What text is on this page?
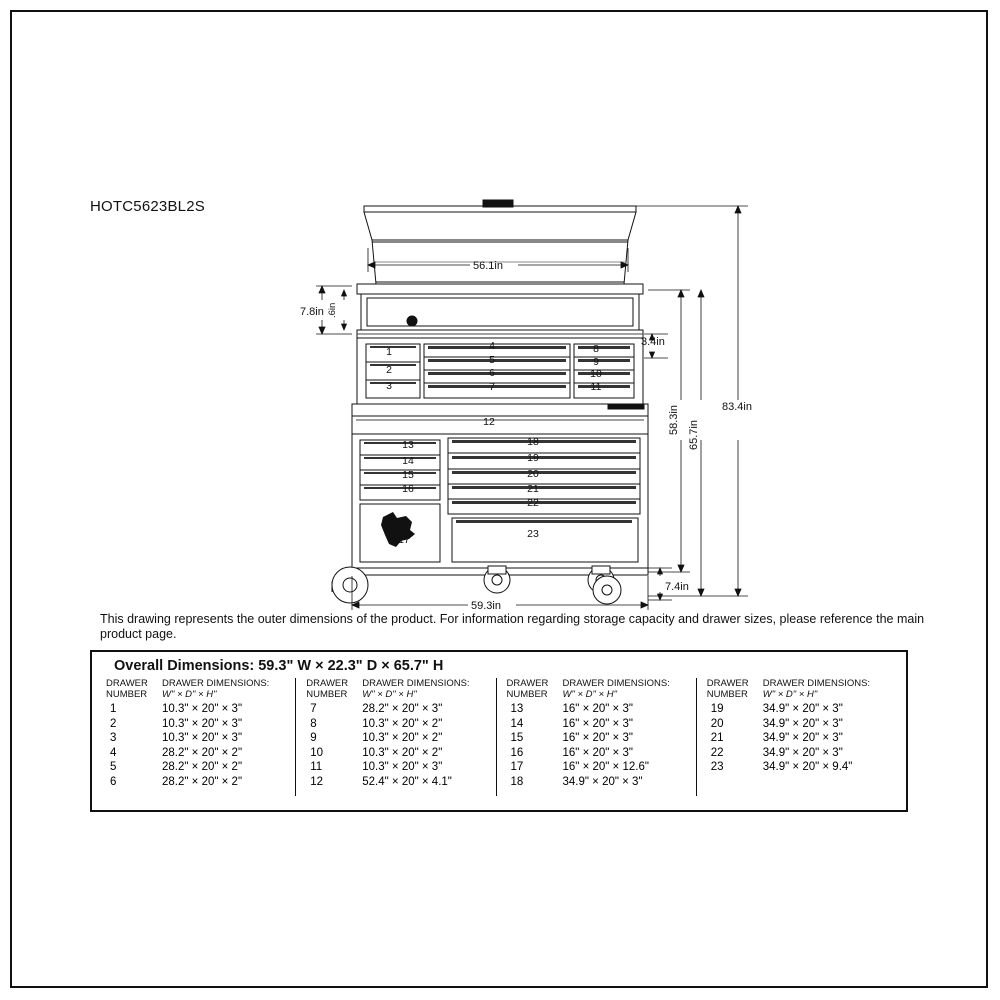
HOTC5623BL2S
56.1in
7.8in .6in
3.4in
58.3in
65.7in
83.4in
7.4in
59.3in
1
2
3
4
5
6
7
8
9
10
11
12
13
14
15
16
17
18
19
20
21
22
23
This drawing represents the outer dimensions of the product. For information regarding storage capacity and drawer sizes, please reference the main product page.
Overall Dimensions: 59.3" W × 22.3" D × 65.7" H
DRAWER
NUMBER
DRAWER DIMENSIONS:
W" × D" × H"
1	10.3" × 20" × 3"
2	10.3" × 20" × 3"
3	10.3" × 20" × 3"
4	28.2" × 20" × 2"
5	28.2" × 20" × 2"
6	28.2" × 20" × 2"
DRAWER
NUMBER
DRAWER DIMENSIONS:
W" × D" × H"
7	28.2" × 20" × 3"
8	10.3" × 20" × 2"
9	10.3" × 20" × 2"
10	10.3" × 20" × 2"
11	10.3" × 20" × 3"
12	52.4" × 20" × 4.1"
DRAWER
NUMBER
DRAWER DIMENSIONS:
W" × D" × H"
13	16" × 20" × 3"
14	16" × 20" × 3"
15	16" × 20" × 3"
16	16" × 20" × 3"
17	16" × 20" × 12.6"
18	34.9" × 20" × 3"
DRAWER
NUMBER
DRAWER DIMENSIONS:
W" × D" × H"
19	34.9" × 20" × 3"
20	34.9" × 20" × 3"
21	34.9" × 20" × 3"
22	34.9" × 20" × 3"
23	34.9" × 20" × 9.4"
